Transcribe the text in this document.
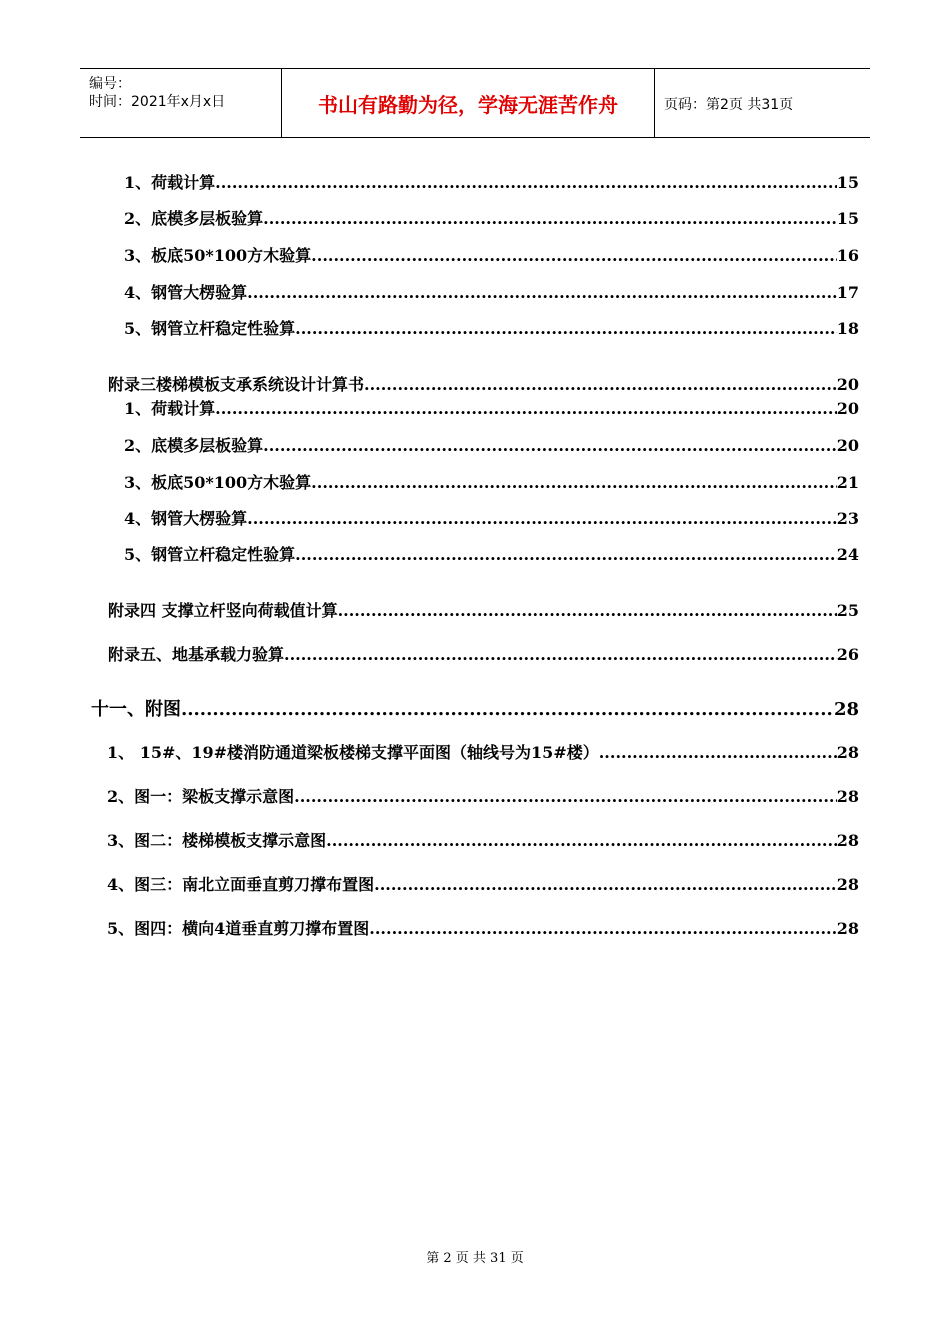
编号：
时间：2021年x月x日	书山有路勤为径，学海无涯苦作舟	页码：第2页 共31页
1、荷载计算 .....	15
2、底模多层板验算 .....	15
3、板底50*100方木验算 .....	16
4、钢管大楞验算 .....	17
5、钢管立杆稳定性验算 .....	18
附录三楼梯模板支承系统设计计算书 .....	20
1、荷载计算 .....	20
2、底模多层板验算 .....	20
3、板底50*100方木验算 .....	21
4、钢管大楞验算 .....	23
5、钢管立杆稳定性验算 .....	24
附录四 支撑立杆竖向荷载值计算 .....	25
附录五、地基承载力验算 .....	26
十一、附图 .....	28
1、 15#、19#楼消防通道梁板楼梯支撑平面图（轴线号为15#楼） .....	28
2、图一：梁板支撑示意图 .....	28
3、图二：楼梯模板支撑示意图 .....	28
4、图三：南北立面垂直剪刀撑布置图 .....	28
5、图四：横向4道垂直剪刀撑布置图 .....	28
第 2 页 共 31 页
